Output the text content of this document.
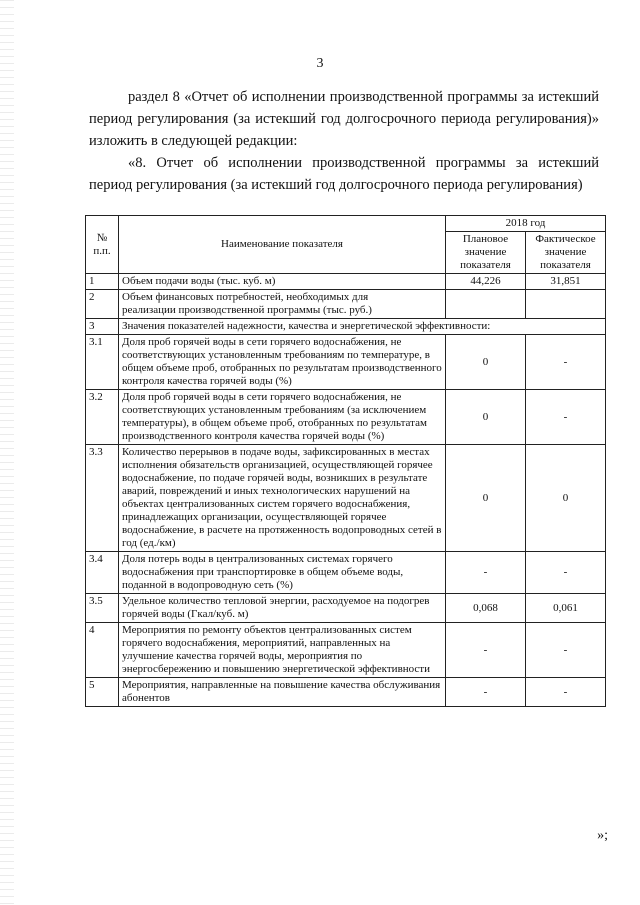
3

раздел 8 «Отчет об исполнении производственной программы за истекший период регулирования (за истекший год долгосрочного периода регулирования)» изложить в следующей редакции:

«8. Отчет об исполнении производственной программы за истекший период регулирования (за истекший год долгосрочного периода регулирования)

№ п.п.	Наименование показателя	2018 год	
		Плановое значение показателя	Фактическое значение показателя
1	Объем подачи воды (тыс. куб. м)	44,226	31,851
2	Объем финансовых потребностей, необходимых для реализации производственной программы (тыс. руб.)		
3	Значения показателей надежности, качества и энергетической эффективности:		
3.1	Доля проб горячей воды в сети горячего водоснабжения, не соответствующих установленным требованиям по температуре, в общем объеме проб, отобранных по результатам производственного контроля качества горячей воды (%)	0	-
3.2	Доля проб горячей воды в сети горячего водоснабжения, не соответствующих установленным требованиям (за исключением температуры), в общем объеме проб, отобранных по результатам производственного контроля качества горячей воды (%)	0	-
3.3	Количество перерывов в подаче воды, зафиксированных в местах исполнения обязательств организацией, осуществляющей горячее водоснабжение, по подаче горячей воды, возникших в результате аварий, повреждений и иных технологических нарушений на объектах централизованных систем горячего водоснабжения, принадлежащих организации, осуществляющей горячее водоснабжение, в расчете на протяженность водопроводных сетей в год (ед./км)	0	0
3.4	Доля потерь воды в централизованных системах горячего водоснабжения при транспортировке в общем объеме воды, поданной в водопроводную сеть (%)	-	-
3.5	Удельное количество тепловой энергии, расходуемое на подогрев горячей воды (Гкал/куб. м)	0,068	0,061
4	Мероприятия по ремонту объектов централизованных систем горячего водоснабжения, мероприятий, направленных на улучшение качества горячей воды, мероприятия по энергосбережению и повышению энергетической эффективности	-	-
5	Мероприятия, направленные на повышение качества обслуживания абонентов	-	-
»;
